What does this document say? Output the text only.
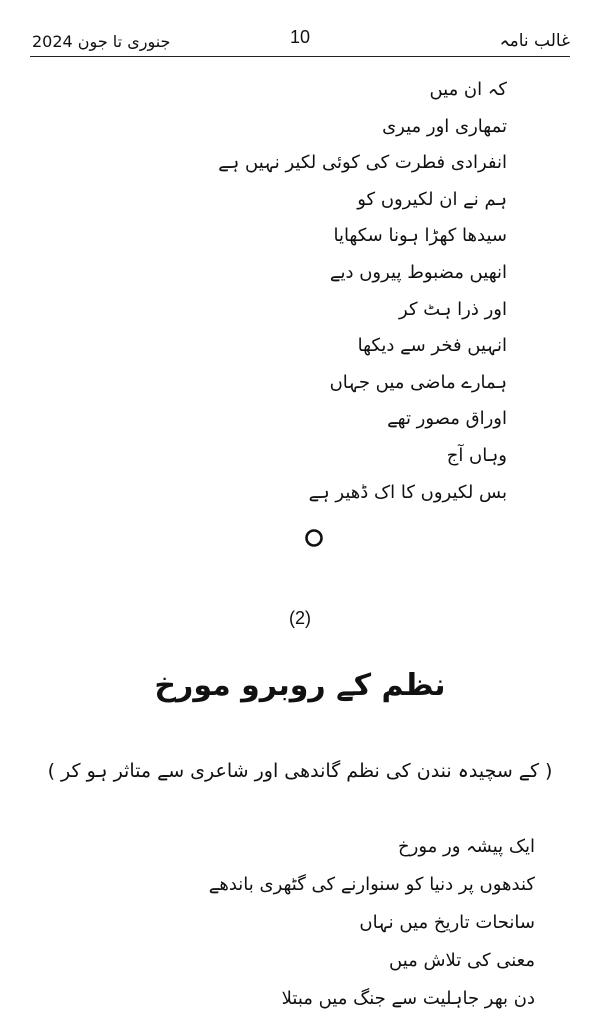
جنوری تا جون 2024	10	غالب نامہ
کہ ان میں
تمھاری اور میری
انفرادی فطرت کی کوئی لکیر نہیں ہے
ہم نے ان لکیروں کو
سیدھا کھڑا ہونا سکھایا
انھیں مضبوط پیروں دیے
اور ذرا ہٹ کر
انہیں فخر سے دیکھا
ہمارے ماضی میں جہاں
اوراق مصور تھے
وہاں آج
بس لکیروں کا اک ڈھیر ہے
(2)
نظم کے روبرو مورخ
( کے سچیدہ نندن کی نظم گاندھی اور شاعری سے متاثر ہو کر )
ایک پیشہ ور مورخ
کندھوں پر دنیا کو سنوارنے کی گٹھری باندھے
سانحات تاریخ میں نہاں
معنی کی تلاش میں
دن بھر جاہلیت سے جنگ میں مبتلا
